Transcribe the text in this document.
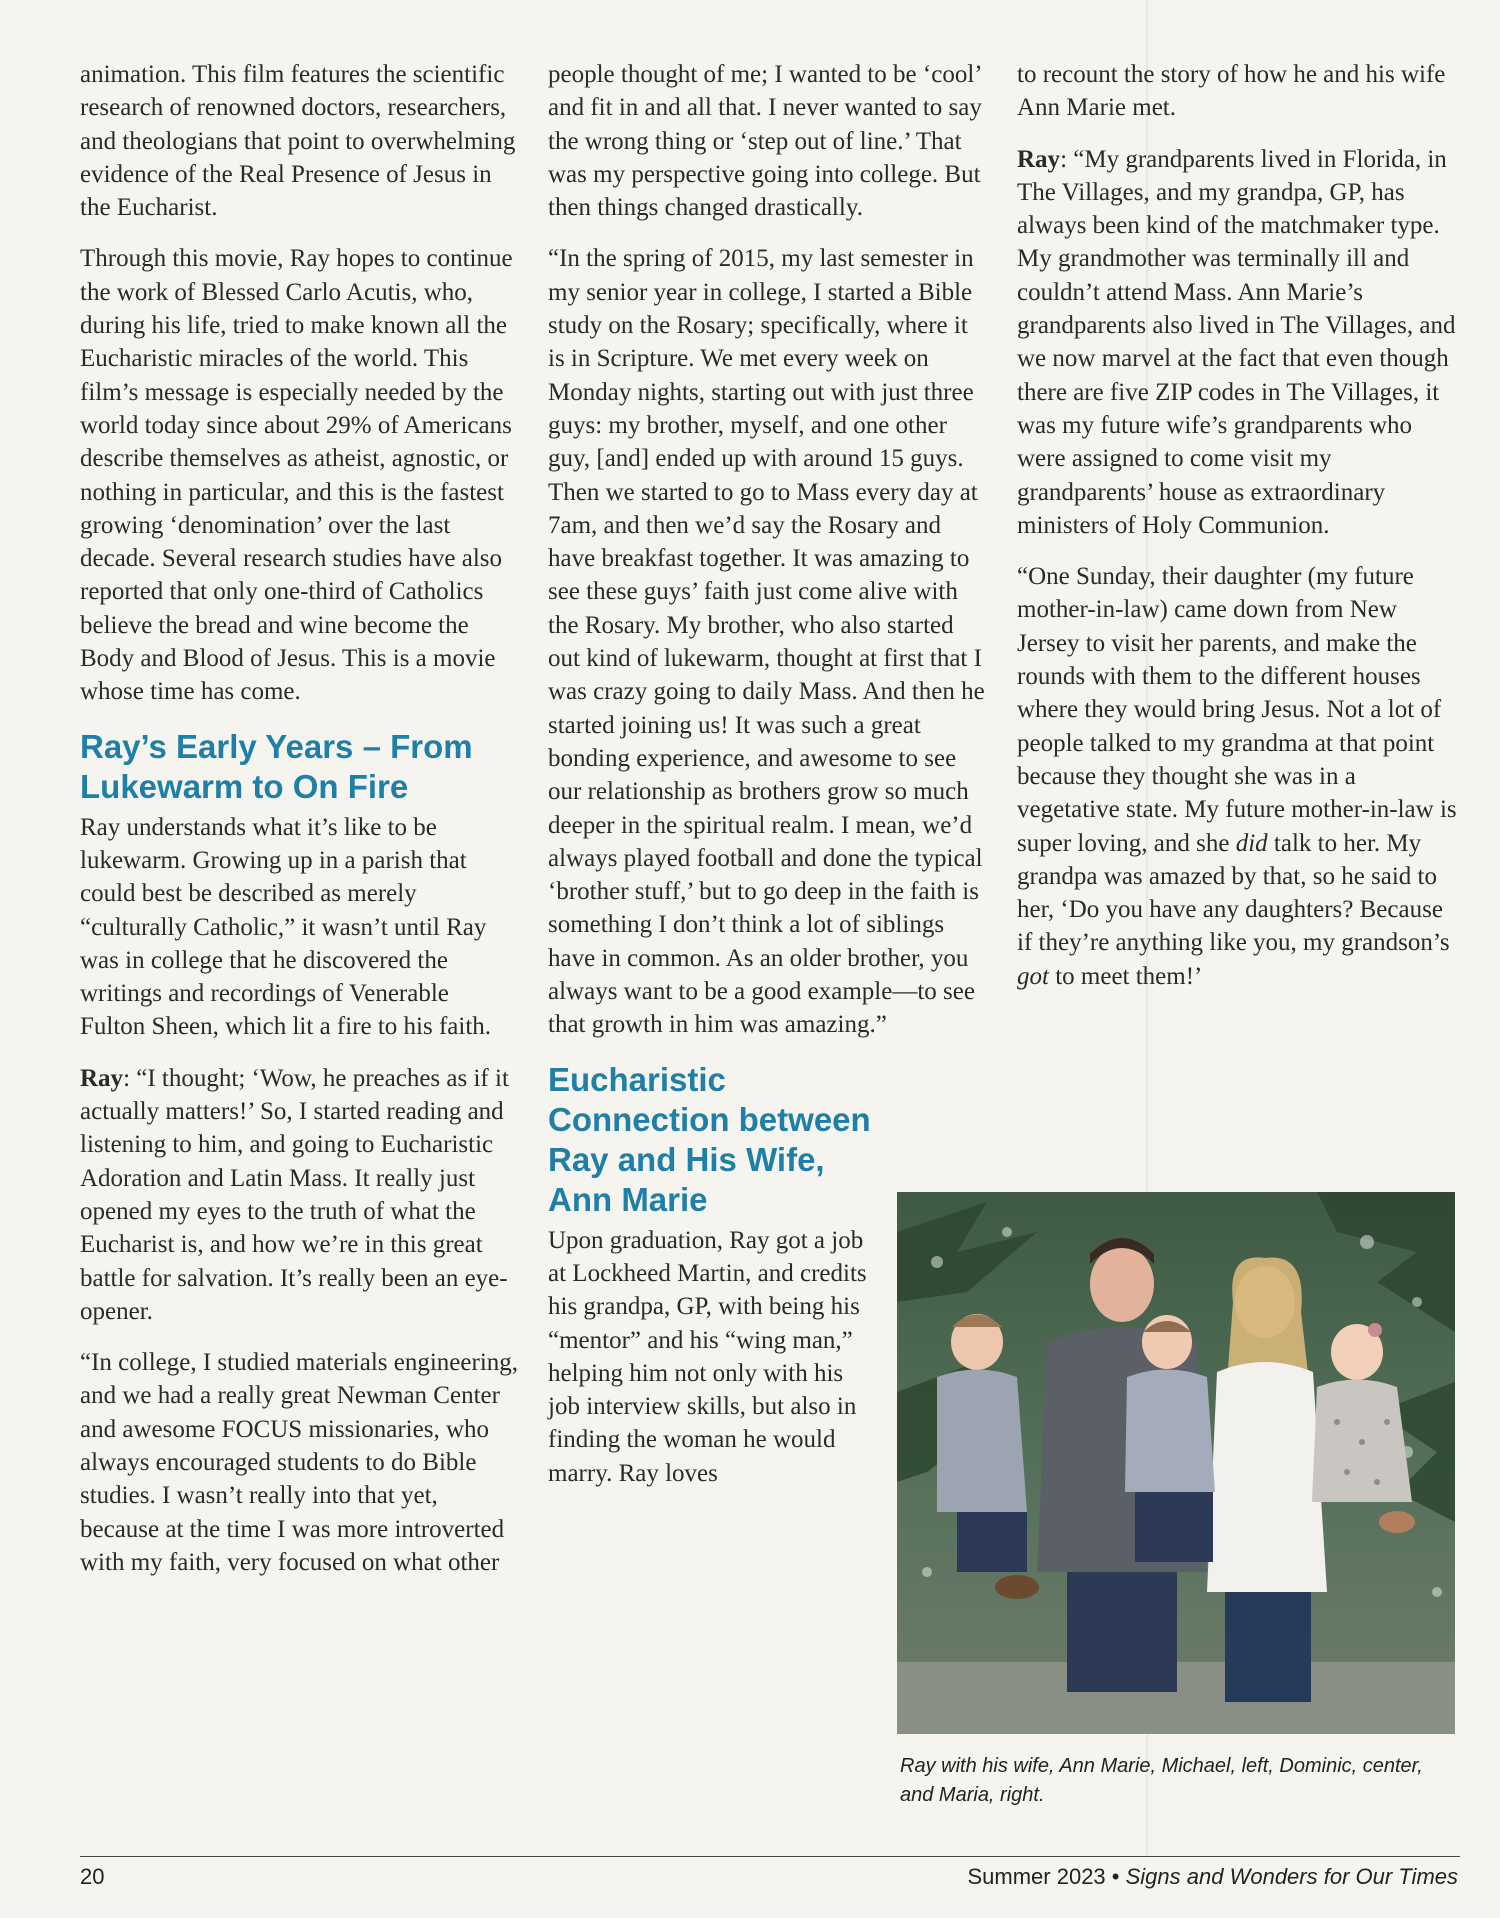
animation. This film features the scientific research of renowned doctors, researchers, and theologians that point to overwhelming evidence of the Real Presence of Jesus in the Eucharist.

Through this movie, Ray hopes to continue the work of Blessed Carlo Acutis, who, during his life, tried to make known all the Eucharistic miracles of the world. This film’s message is especially needed by the world today since about 29% of Americans describe themselves as atheist, agnostic, or nothing in particular, and this is the fastest growing ‘denomination’ over the last decade. Several research studies have also reported that only one-third of Catholics believe the bread and wine become the Body and Blood of Jesus. This is a movie whose time has come.

Ray’s Early Years – From Lukewarm to On Fire

Ray understands what it’s like to be lukewarm. Growing up in a parish that could best be described as merely “culturally Catholic,” it wasn’t until Ray was in college that he discovered the writings and recordings of Venerable Fulton Sheen, which lit a fire to his faith.

Ray: “I thought; ‘Wow, he preaches as if it actually matters!’ So, I started reading and listening to him, and going to Eucharistic Adoration and Latin Mass. It really just opened my eyes to the truth of what the Eucharist is, and how we’re in this great battle for salvation. It’s really been an eye-opener.

“In college, I studied materials engineering, and we had a really great Newman Center and awesome FOCUS missionaries, who always encouraged students to do Bible studies. I wasn’t really into that yet, because at the time I was more introverted with my faith, very focused on what other

people thought of me; I wanted to be ‘cool’ and fit in and all that. I never wanted to say the wrong thing or ‘step out of line.’ That was my perspective going into college. But then things changed drastically.

“In the spring of 2015, my last semester in my senior year in college, I started a Bible study on the Rosary; specifically, where it is in Scripture. We met every week on Monday nights, starting out with just three guys: my brother, myself, and one other guy, [and] ended up with around 15 guys. Then we started to go to Mass every day at 7am, and then we’d say the Rosary and have breakfast together. It was amazing to see these guys’ faith just come alive with the Rosary. My brother, who also started out kind of lukewarm, thought at first that I was crazy going to daily Mass. And then he started joining us! It was such a great bonding experience, and awesome to see our relationship as brothers grow so much deeper in the spiritual realm. I mean, we’d always played football and done the typical ‘brother stuff,’ but to go deep in the faith is something I don’t think a lot of siblings have in common. As an older brother, you always want to be a good example—to see that growth in him was amazing.”

Eucharistic Connection between Ray and His Wife, Ann Marie

Upon graduation, Ray got a job at Lockheed Martin, and credits his grandpa, GP, with being his “mentor” and his “wing man,” helping him not only with his job interview skills, but also in finding the woman he would marry. Ray loves

to recount the story of how he and his wife Ann Marie met.

Ray: “My grandparents lived in Florida, in The Villages, and my grandpa, GP, has always been kind of the matchmaker type. My grandmother was terminally ill and couldn’t attend Mass. Ann Marie’s grandparents also lived in The Villages, and we now marvel at the fact that even though there are five ZIP codes in The Villages, it was my future wife’s grandparents who were assigned to come visit my grandparents’ house as extraordinary ministers of Holy Communion.

“One Sunday, their daughter (my future mother-in-law) came down from New Jersey to visit her parents, and make the rounds with them to the different houses where they would bring Jesus. Not a lot of people talked to my grandma at that point because they thought she was in a vegetative state. My future mother-in-law is super loving, and she did talk to her. My grandpa was amazed by that, so he said to her, ‘Do you have any daughters? Because if they’re anything like you, my grandson’s got to meet them!’

Ray with his wife, Ann Marie, Michael, left, Dominic, center, and Maria, right.

20	Summer 2023 • Signs and Wonders for Our Times
